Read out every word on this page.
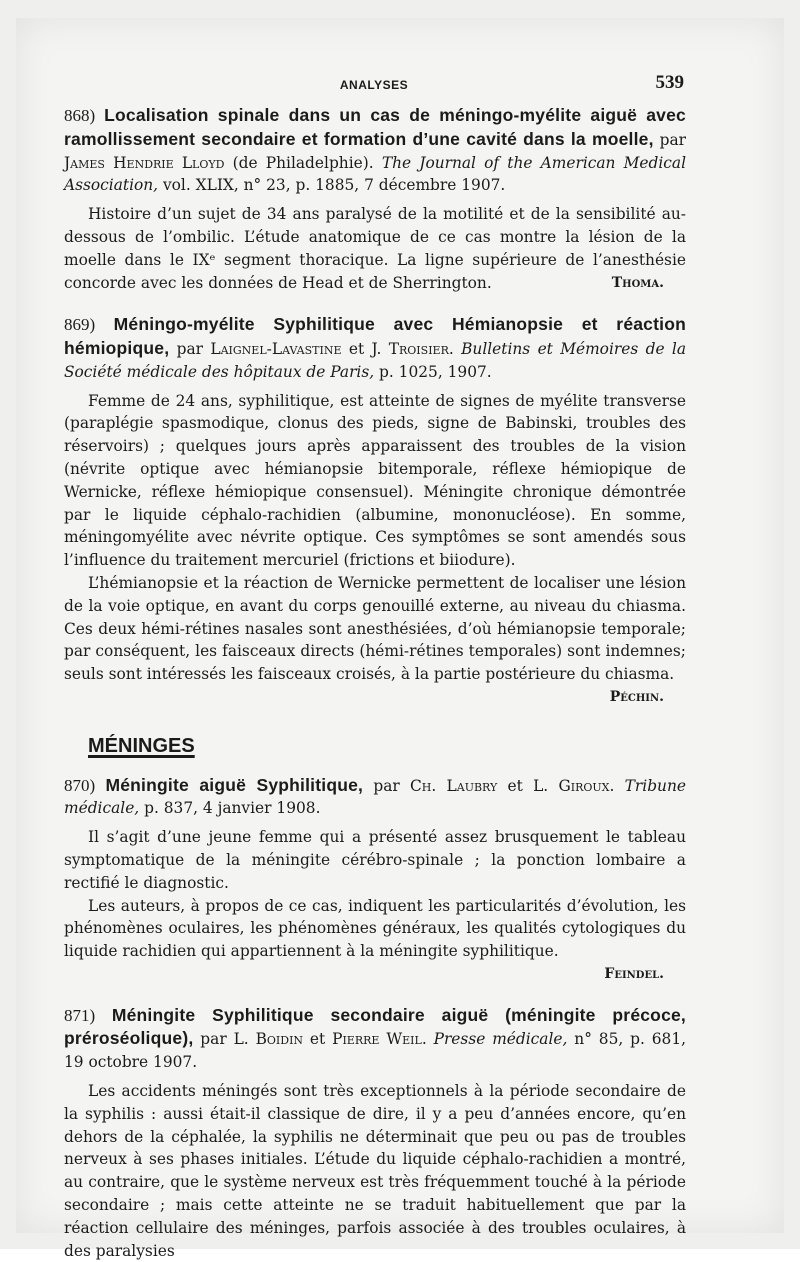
ANALYSES	539
868) Localisation spinale dans un cas de méningo-myélite aiguë avec ramollissement secondaire et formation d’une cavité dans la moelle, par James Hendrie Lloyd (de Philadelphie). The Journal of the American Medical Association, vol. XLIX, n° 23, p. 1885, 7 décembre 1907.
Histoire d’un sujet de 34 ans paralysé de la motilité et de la sensibilité au-dessous de l’ombilic. L’étude anatomique de ce cas montre la lésion de la moelle dans le IXᵉ segment thoracique. La ligne supérieure de l’anesthésie concorde avec les données de Head et de Sherrington.	Thoma.
869) Méningo-myélite Syphilitique avec Hémianopsie et réaction hémiopique, par Laignel-Lavastine et J. Troisier. Bulletins et Mémoires de la Société médicale des hôpitaux de Paris, p. 1025, 1907.

Femme de 24 ans, syphilitique, est atteinte de signes de myélite transverse (paraplégie spasmodique, clonus des pieds, signe de Babinski, troubles des réservoirs) ; quelques jours après apparaissent des troubles de la vision (névrite optique avec hémianopsie bitemporale, réflexe hémiopique de Wernicke, réflexe hémiopique consensuel). Méningite chronique démontrée par le liquide céphalo-rachidien (albumine, mononucléose). En somme, méningomyélite avec névrite optique. Ces symptômes se sont amendés sous l’influence du traitement mercuriel (frictions et biiodure).

L’hémianopsie et la réaction de Wernicke permettent de localiser une lésion de la voie optique, en avant du corps genouillé externe, au niveau du chiasma. Ces deux hémi-rétines nasales sont anesthésiées, d’où hémianopsie temporale; par conséquent, les faisceaux directs (hémi-rétines temporales) sont indemnes; seuls sont intéressés les faisceaux croisés, à la partie postérieure du chiasma.

Péchin.
MÉNINGES
870) Méningite aiguë Syphilitique, par Ch. Laubry et L. Giroux. Tribune médicale, p. 837, 4 janvier 1908.

Il s’agit d’une jeune femme qui a présenté assez brusquement le tableau symptomatique de la méningite cérébro-spinale ; la ponction lombaire a rectifié le diagnostic.

Les auteurs, à propos de ce cas, indiquent les particularités d’évolution, les phénomènes oculaires, les phénomènes généraux, les qualités cytologiques du liquide rachidien qui appartiennent à la méningite syphilitique.

Feindel.
871) Méningite Syphilitique secondaire aiguë (méningite précoce, préroséolique), par L. Boidin et Pierre Weil. Presse médicale, n° 85, p. 681, 19 octobre 1907.

Les accidents méningés sont très exceptionnels à la période secondaire de la syphilis : aussi était-il classique de dire, il y a peu d’années encore, qu’en dehors de la céphalée, la syphilis ne déterminait que peu ou pas de troubles nerveux à ses phases initiales. L’étude du liquide céphalo-rachidien a montré, au contraire, que le système nerveux est très fréquemment touché à la période secondaire ; mais cette atteinte ne se traduit habituellement que par la réaction cellulaire des méninges, parfois associée à des troubles oculaires, à des paralysies
